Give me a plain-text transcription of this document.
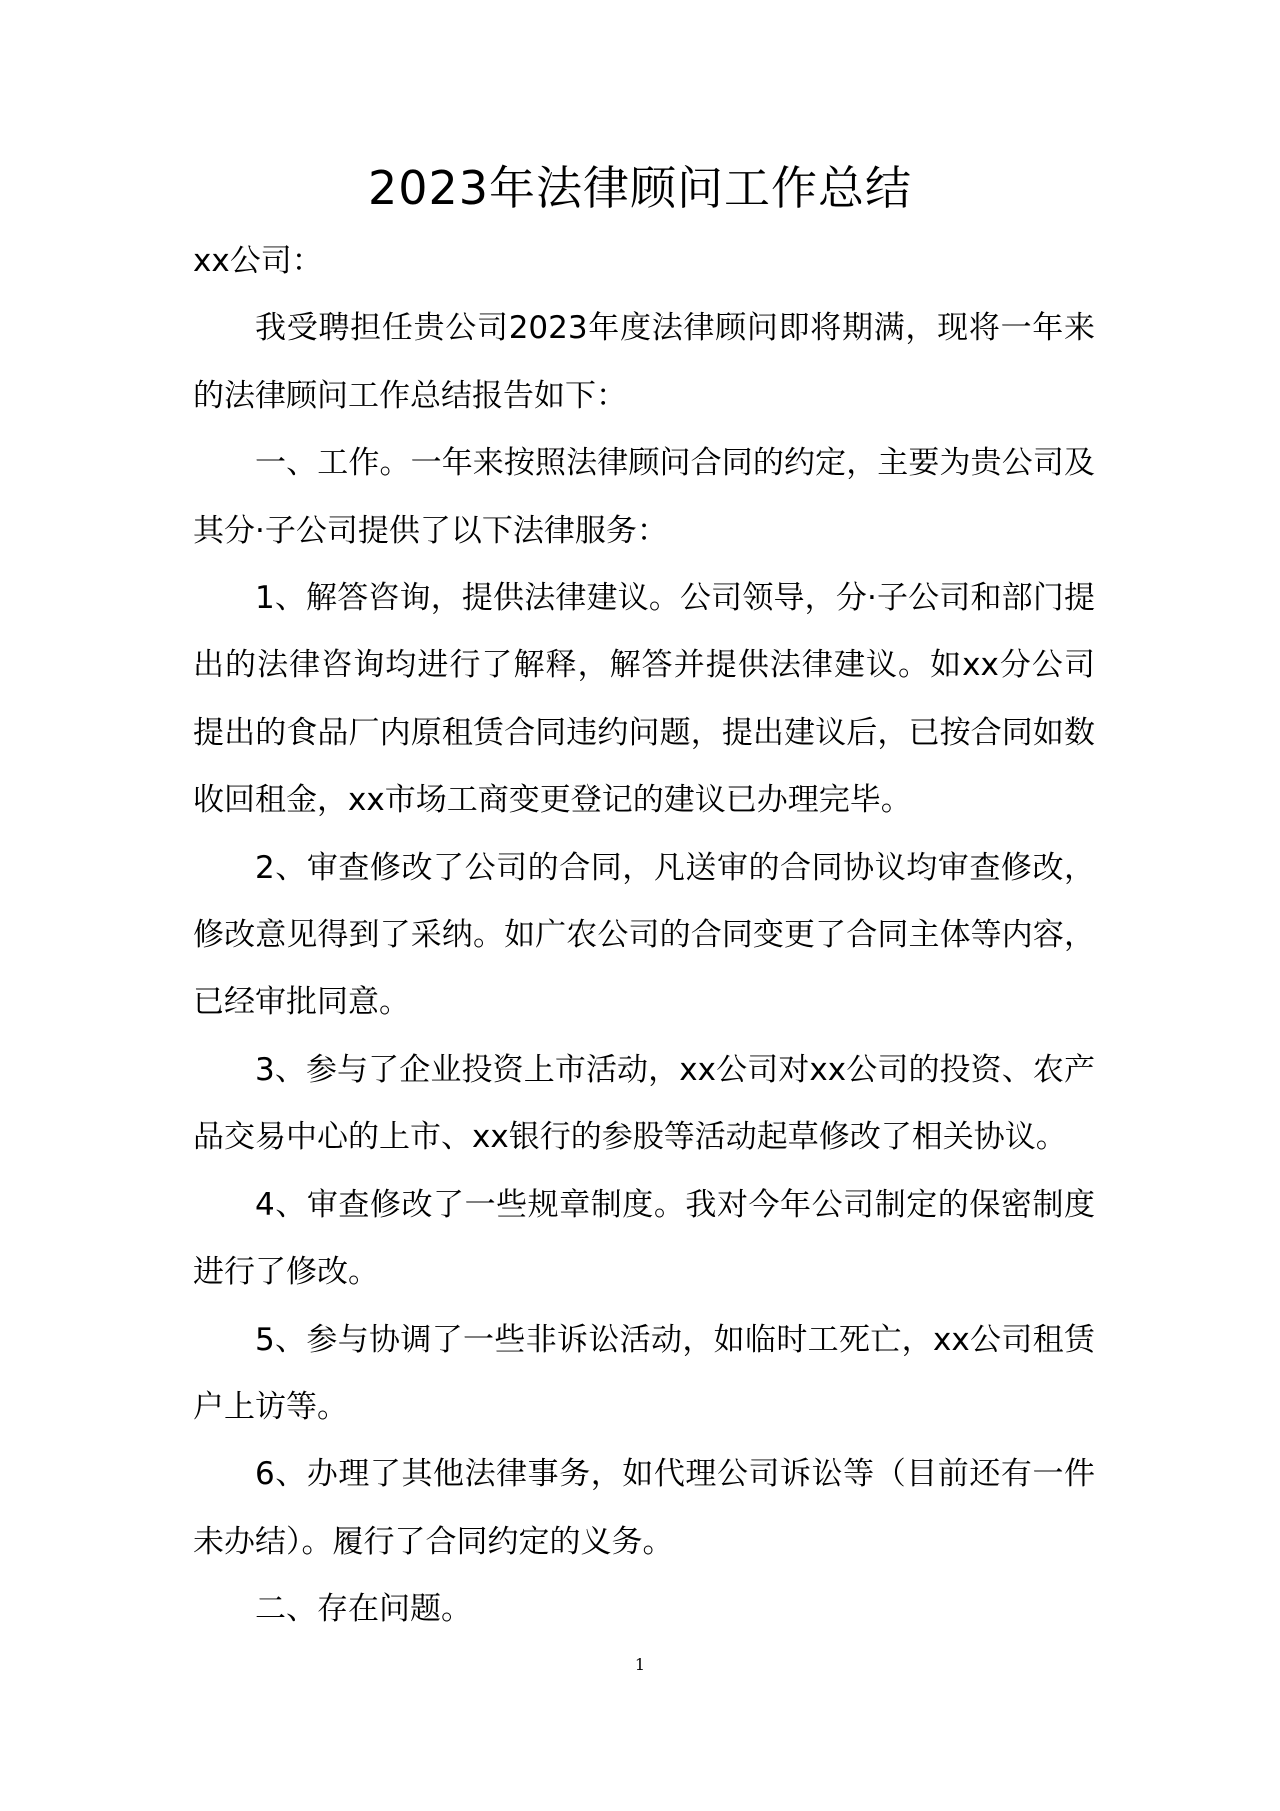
2023年法律顾问工作总结

xx公司：

我受聘担任贵公司2023年度法律顾问即将期满，现将一年来的法律顾问工作总结报告如下：

一、工作。一年来按照法律顾问合同的约定，主要为贵公司及其分·子公司提供了以下法律服务：

1、解答咨询，提供法律建议。公司领导，分·子公司和部门提出的法律咨询均进行了解释，解答并提供法律建议。如xx分公司提出的食品厂内原租赁合同违约问题，提出建议后，已按合同如数收回租金，xx市场工商变更登记的建议已办理完毕。

2、审查修改了公司的合同，凡送审的合同协议均审查修改，修改意见得到了采纳。如广农公司的合同变更了合同主体等内容，已经审批同意。

3、参与了企业投资上市活动，xx公司对xx公司的投资、农产品交易中心的上市、xx银行的参股等活动起草修改了相关协议。

4、审查修改了一些规章制度。我对今年公司制定的保密制度进行了修改。

5、参与协调了一些非诉讼活动，如临时工死亡，xx公司租赁户上访等。

6、办理了其他法律事务，如代理公司诉讼等（目前还有一件未办结）。履行了合同约定的义务。

二、存在问题。

1
